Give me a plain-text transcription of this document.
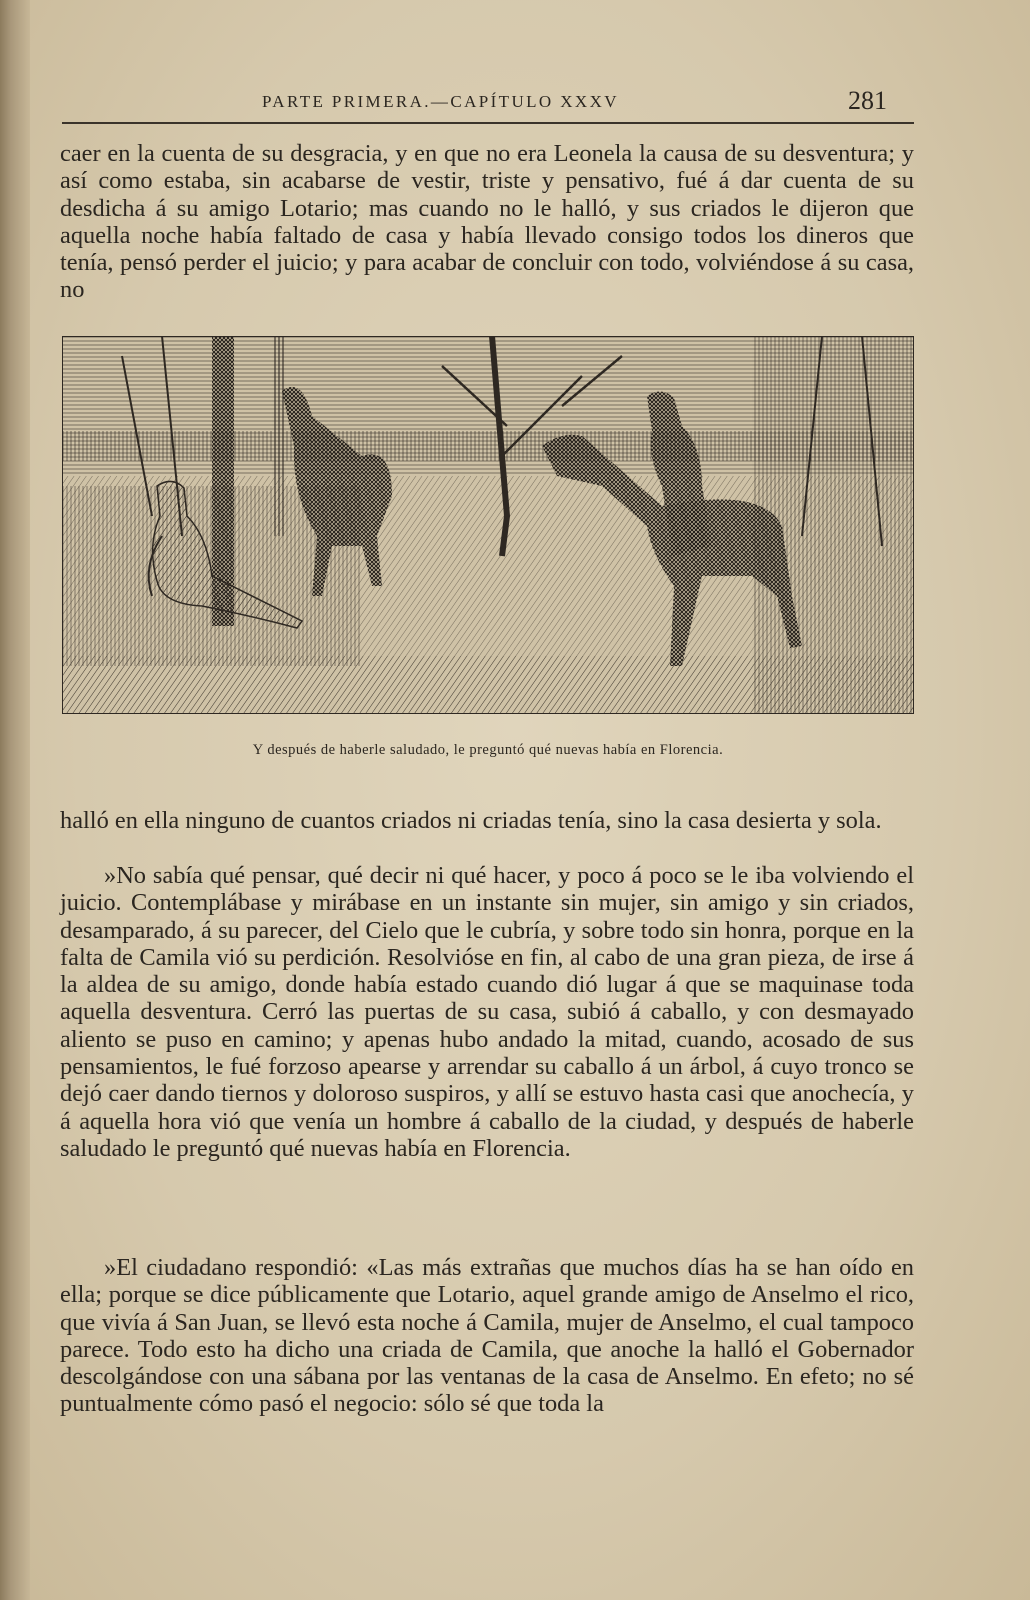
PARTE PRIMERA.—CAPÍTULO XXXV	281

caer en la cuenta de su desgracia, y en que no era Leonela la causa de su desventura; y así como estaba, sin acabarse de vestir, triste y pensativo, fué á dar cuenta de su desdicha á su amigo Lotario; mas cuando no le halló, y sus criados le dijeron que aquella noche había faltado de casa y había llevado consigo todos los dineros que tenía, pensó perder el juicio; y para acabar de concluir con todo, volviéndose á su casa, no

Y después de haberle saludado, le preguntó qué nuevas había en Florencia.

halló en ella ninguno de cuantos criados ni criadas tenía, sino la casa desierta y sola.

»No sabía qué pensar, qué decir ni qué hacer, y poco á poco se le iba volviendo el juicio. Contemplábase y mirábase en un instante sin mujer, sin amigo y sin criados, desamparado, á su parecer, del Cielo que le cubría, y sobre todo sin honra, porque en la falta de Camila vió su perdición. Resolvióse en fin, al cabo de una gran pieza, de irse á la aldea de su amigo, donde había estado cuando dió lugar á que se maquinase toda aquella desventura. Cerró las puertas de su casa, subió á caballo, y con desmayado aliento se puso en camino; y apenas hubo andado la mitad, cuando, acosado de sus pensamientos, le fué forzoso apearse y arrendar su caballo á un árbol, á cuyo tronco se dejó caer dando tiernos y doloroso suspiros, y allí se estuvo hasta casi que anochecía, y á aquella hora vió que venía un hombre á caballo de la ciudad, y después de haberle saludado le preguntó qué nuevas había en Florencia.

»El ciudadano respondió: «Las más extrañas que muchos días ha se han oído en ella; porque se dice públicamente que Lotario, aquel grande amigo de Anselmo el rico, que vivía á San Juan, se llevó esta noche á Camila, mujer de Anselmo, el cual tampoco parece. Todo esto ha dicho una criada de Camila, que anoche la halló el Gobernador descolgándose con una sábana por las ventanas de la casa de Anselmo. En efeto; no sé puntualmente cómo pasó el negocio: sólo sé que toda la
